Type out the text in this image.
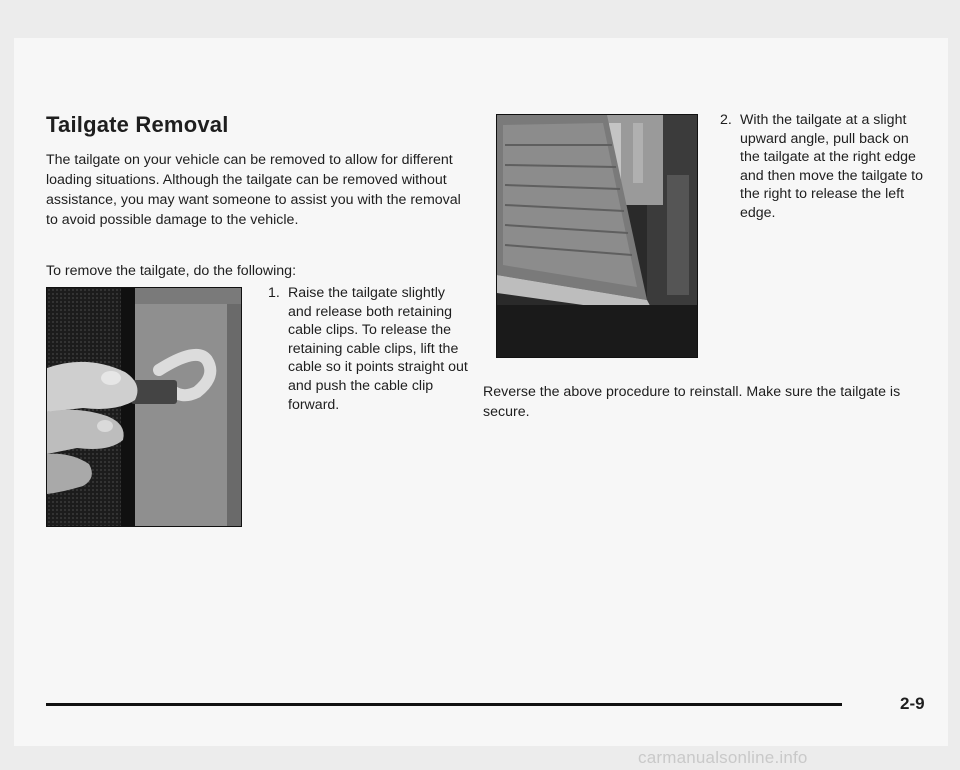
Tailgate Removal

The tailgate on your vehicle can be removed to allow for different loading situations. Although the tailgate can be removed without assistance, you may want someone to assist you with the removal to avoid possible damage to the vehicle.

To remove the tailgate, do the following:

1. Raise the tailgate slightly and release both retaining cable clips. To release the retaining cable clips, lift the cable so it points straight out and push the cable clip forward.
2. With the tailgate at a slight upward angle, pull back on the tailgate at the right edge and then move the tailgate to the right to release the left edge.

Reverse the above procedure to reinstall. Make sure the tailgate is secure.

2-9
carmanualsonline.info
